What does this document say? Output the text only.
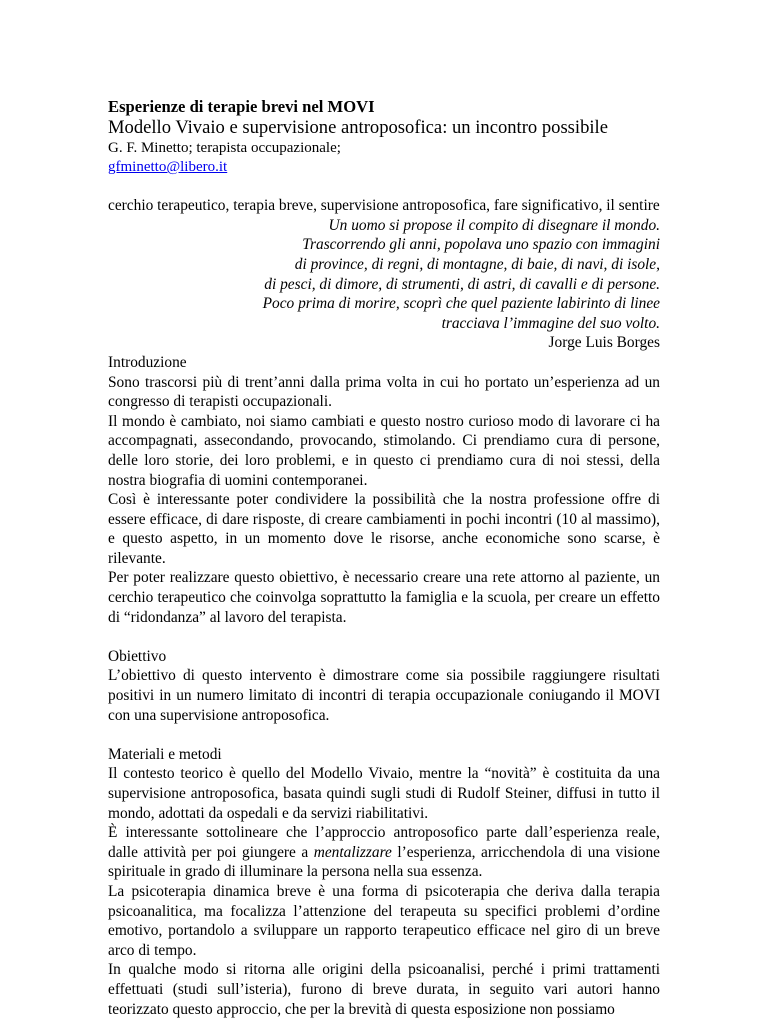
Esperienze di terapie brevi nel MOVI

Modello Vivaio e supervisione antroposofica: un incontro possibile

G. F. Minetto; terapista occupazionale;

gfminetto@libero.it

cerchio terapeutico, terapia breve, supervisione antroposofica, fare significativo, il sentire

Un uomo si propose il compito di disegnare il mondo.

Trascorrendo gli anni, popolava uno spazio con immagini

di province, di regni, di montagne, di baie, di navi, di isole,

di pesci, di dimore, di strumenti, di astri, di cavalli e di persone.

Poco prima di morire, scoprì che quel paziente labirinto di linee

tracciava l’immagine del suo volto.

Jorge Luis Borges

Introduzione

Sono trascorsi più di trent’anni dalla prima volta in cui ho portato un’esperienza ad un congresso di terapisti occupazionali.

Il mondo è cambiato, noi siamo cambiati e questo nostro curioso modo di lavorare ci ha accompagnati, assecondando, provocando, stimolando. Ci prendiamo cura di persone, delle loro storie, dei loro problemi, e in questo ci prendiamo cura di noi stessi, della nostra biografia di uomini contemporanei.

Così è interessante poter condividere la possibilità che la nostra professione offre di essere efficace, di dare risposte, di creare cambiamenti in pochi incontri (10 al massimo), e questo aspetto, in un momento dove le risorse, anche economiche sono scarse, è rilevante.

Per poter realizzare questo obiettivo, è necessario creare una rete attorno al paziente, un cerchio terapeutico che coinvolga soprattutto la famiglia e la scuola, per creare un effetto di “ridondanza” al lavoro del terapista.

Obiettivo

L’obiettivo di questo intervento è dimostrare come sia possibile raggiungere risultati positivi in un numero limitato di incontri di terapia occupazionale coniugando il MOVI con una supervisione antroposofica.

Materiali e metodi

Il contesto teorico è quello del Modello Vivaio, mentre la “novità” è costituita da una supervisione antroposofica, basata quindi sugli studi di Rudolf Steiner, diffusi in tutto il mondo, adottati da ospedali e da servizi riabilitativi.

È interessante sottolineare che l’approccio antroposofico parte dall’esperienza reale, dalle attività per poi giungere a mentalizzare l’esperienza, arricchendola di una visione spirituale in grado di illuminare la persona nella sua essenza.

La psicoterapia dinamica breve è una forma di psicoterapia che deriva dalla terapia psicoanalitica, ma focalizza l’attenzione del terapeuta su specifici problemi d’ordine emotivo, portandolo a sviluppare un rapporto terapeutico efficace nel giro di un breve arco di tempo.

In qualche modo si ritorna alle origini della psicoanalisi, perché i primi trattamenti effettuati (studi sull’isteria), furono di breve durata, in seguito vari autori hanno teorizzato questo approccio, che per la brevità di questa esposizione non possiamo
